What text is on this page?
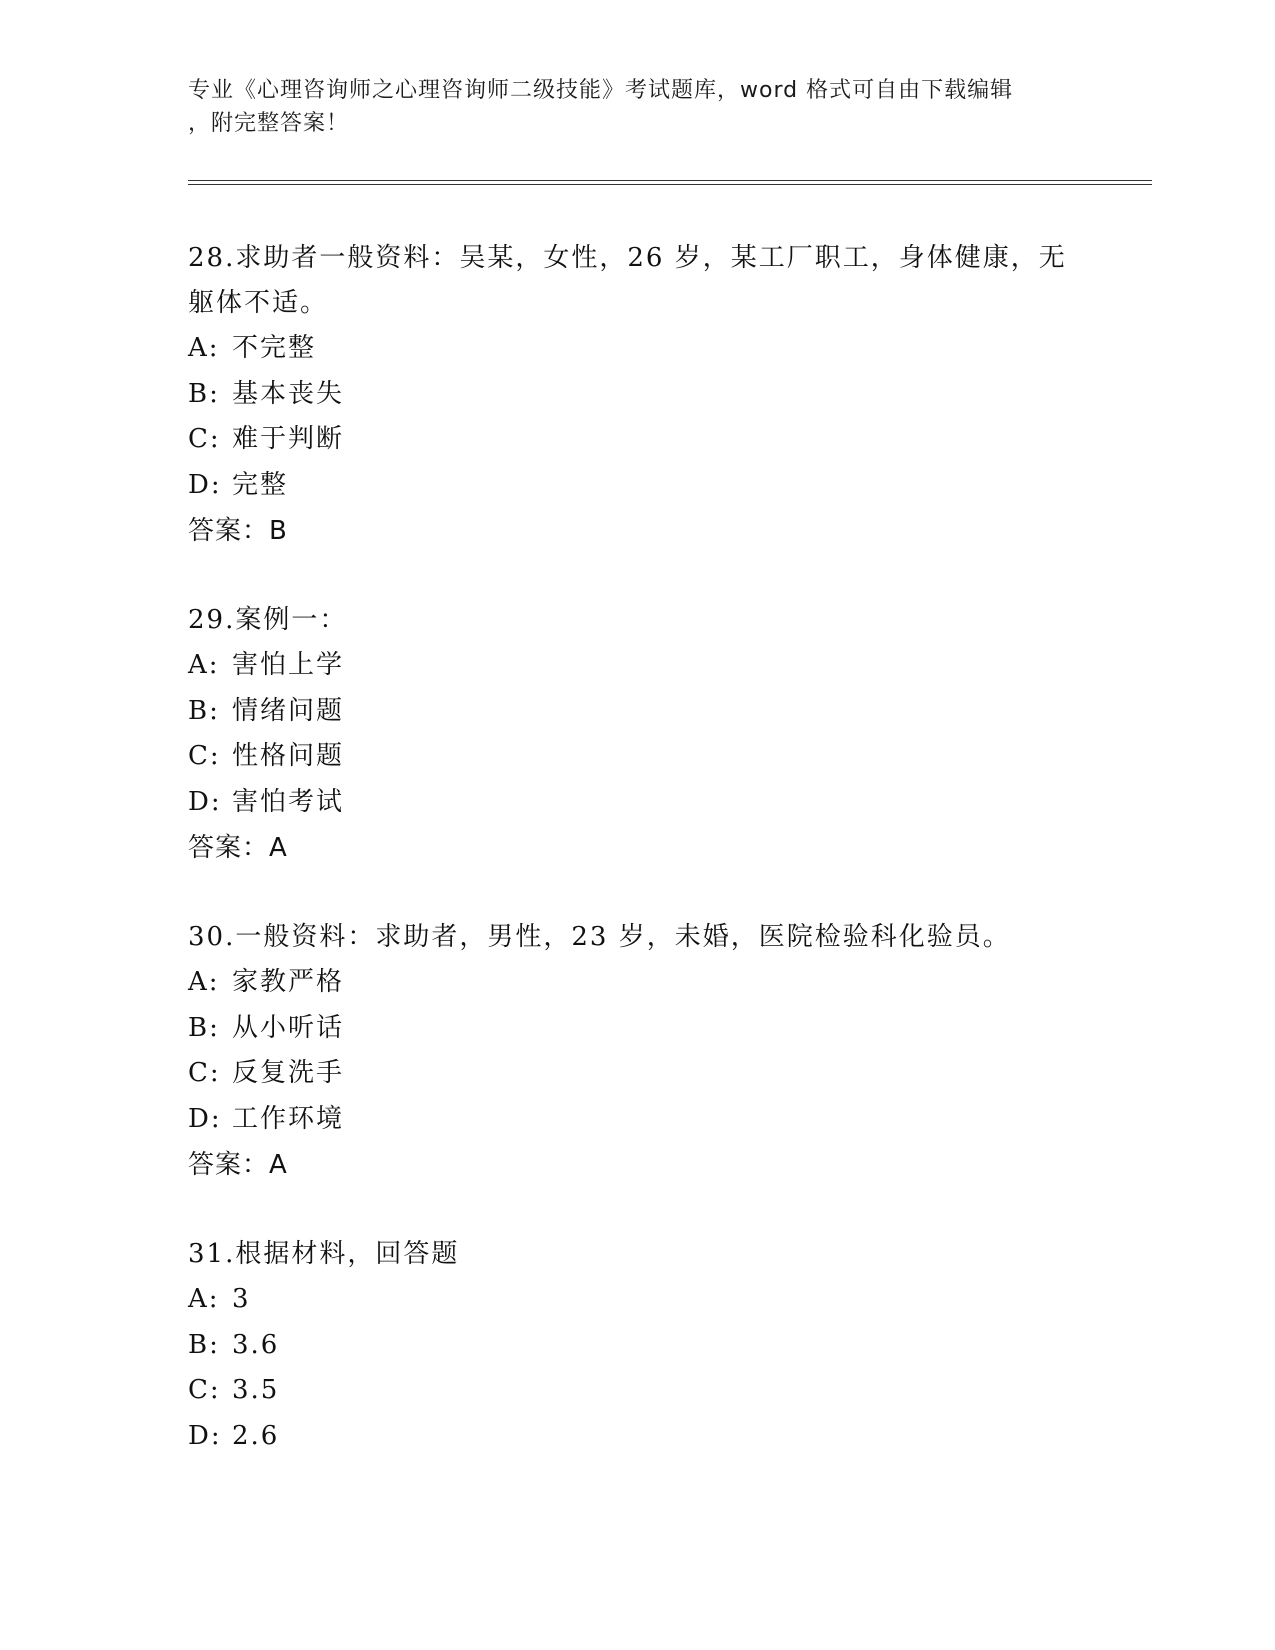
专业《心理咨询师之心理咨询师二级技能》考试题库，word 格式可自由下载编辑
，附完整答案！
28.求助者一般资料：吴某，女性，26 岁，某工厂职工，身体健康，无
躯体不适。
A: 不完整
B: 基本丧失
C: 难于判断
D: 完整
答案：B
29.案例一：
A: 害怕上学
B: 情绪问题
C: 性格问题
D: 害怕考试
答案：A
30.一般资料：求助者，男性，23 岁，未婚，医院检验科化验员。
A: 家教严格
B: 从小听话
C: 反复洗手
D: 工作环境
答案：A
31.根据材料，回答题
A: 3
B: 3.6
C: 3.5
D: 2.6
